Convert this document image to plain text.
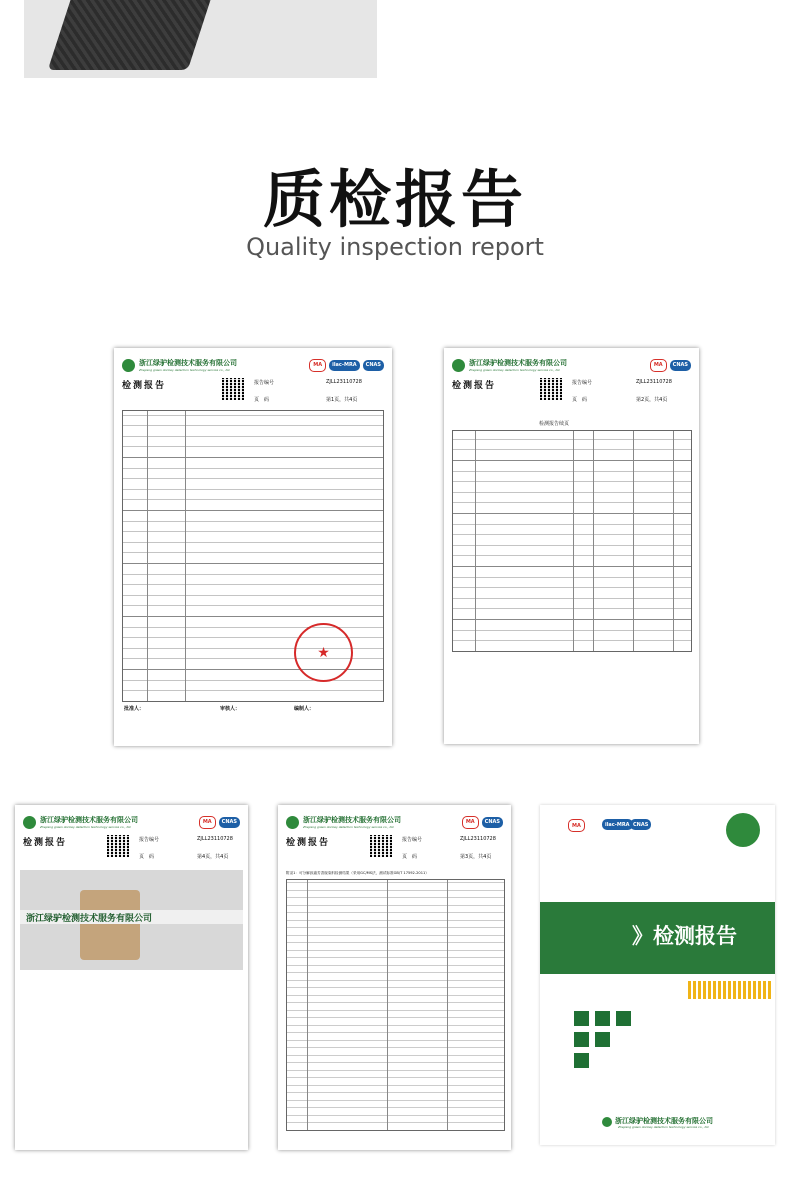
质检报告
Quality inspection report
浙江绿驴检测技术服务有限公司
Zhejiang green donkey detection technology service co., ltd.
MA	ilac-MRA	CNAS
检测报告	报告编号	ZJLL23110728
页　码	第1页，共4页
★
批准人：	审核人：	编制人：
浙江绿驴检测技术服务有限公司
Zhejiang green donkey detection technology service co., ltd.
MA	CNAS
检测报告	报告编号	ZJLL23110728
页　码	第2页，共4页
检测报告续页
浙江绿驴检测技术服务有限公司
Zhejiang green donkey detection technology service co., ltd.
MA	CNAS
检测报告	报告编号	ZJLL23110728
页　码	第4页，共4页
浙江绿驴检测技术服务有限公司
浙江绿驴检测技术服务有限公司
Zhejiang green donkey detection technology service co., ltd.
MA	CNAS
检测报告	报告编号	ZJLL23110728
页　码	第3页，共4页
附录1：可分解致癌芳香胺染料检测结果（采用GC/MS法，测试标准GB/T 17592-2011）
MA	ilac-MRA CNAS
》检测报告
浙江绿驴检测技术服务有限公司
Zhejiang green donkey detection technology service co., ltd.
